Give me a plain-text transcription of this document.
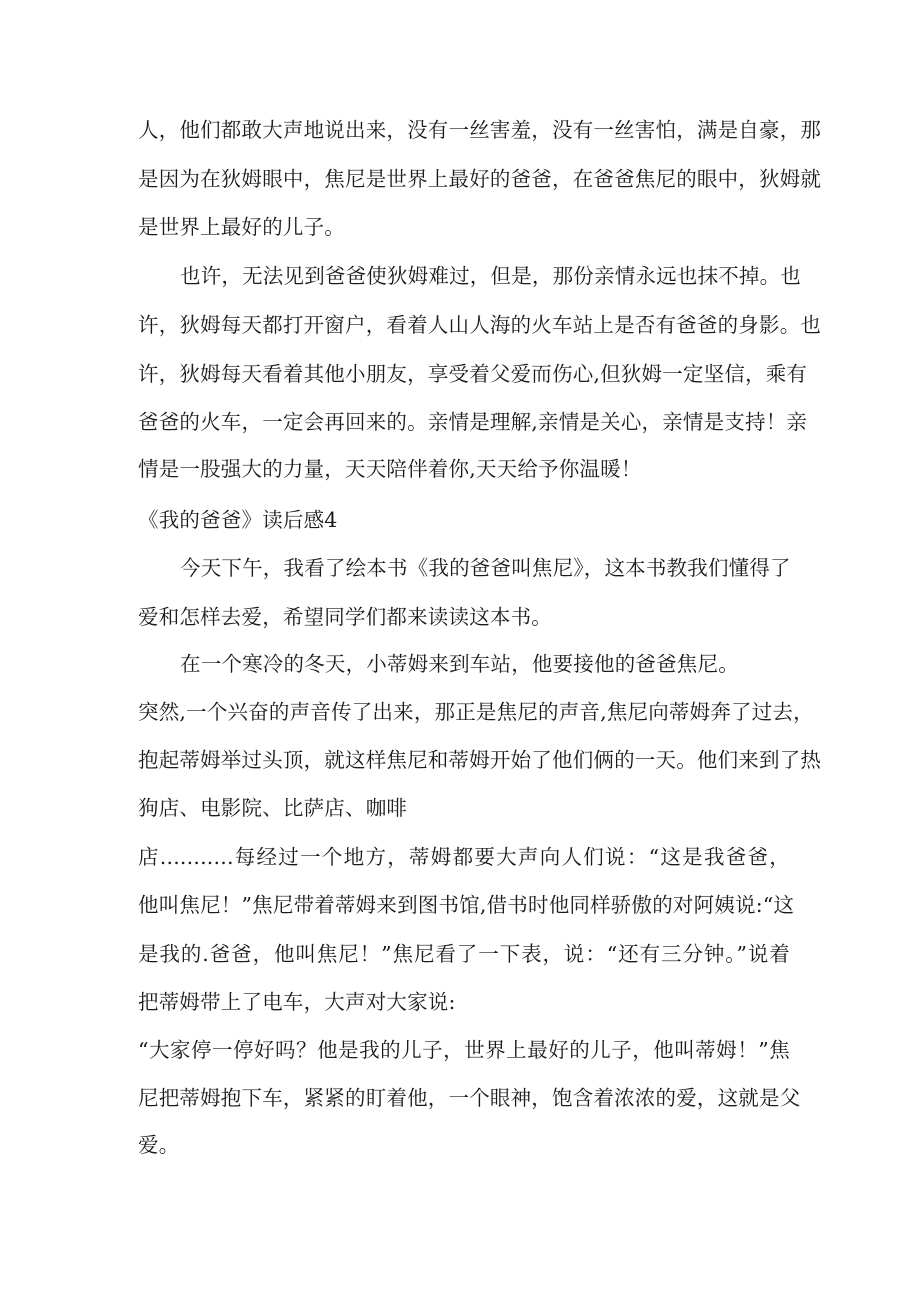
人，他们都敢大声地说出来，没有一丝害羞，没有一丝害怕，满是自豪，那
是因为在狄姆眼中，焦尼是世界上最好的爸爸，在爸爸焦尼的眼中，狄姆就
是世界上最好的儿子。
也许，无法见到爸爸使狄姆难过，但是，那份亲情永远也抹不掉。也
许，狄姆每天都打开窗户，看着人山人海的火车站上是否有爸爸的身影。也
许，狄姆每天看着其他小朋友，享受着父爱而伤心,但狄姆一定坚信，乘有
爸爸的火车，一定会再回来的。亲情是理解,亲情是关心，亲情是支持！亲
情是一股强大的力量，天天陪伴着你,天天给予你温暖！
《我的爸爸》读后感4
今天下午，我看了绘本书《我的爸爸叫焦尼》，这本书教我们懂得了
爱和怎样去爱，希望同学们都来读读这本书。
在一个寒冷的冬天，小蒂姆来到车站，他要接他的爸爸焦尼。
突然,一个兴奋的声音传了出来，那正是焦尼的声音,焦尼向蒂姆奔了过去，
抱起蒂姆举过头顶，就这样焦尼和蒂姆开始了他们俩的一天。他们来到了热
狗店、电影院、比萨店、咖啡
店...........每经过一个地方，蒂姆都要大声向人们说：“这是我爸爸，
他叫焦尼！”焦尼带着蒂姆来到图书馆,借书时他同样骄傲的对阿姨说:“这
是我的.爸爸，他叫焦尼！”焦尼看了一下表，说：“还有三分钟。”说着
把蒂姆带上了电车，大声对大家说:
“大家停一停好吗？他是我的儿子，世界上最好的儿子，他叫蒂姆！”焦
尼把蒂姆抱下车，紧紧的盯着他，一个眼神，饱含着浓浓的爱，这就是父
爱。
